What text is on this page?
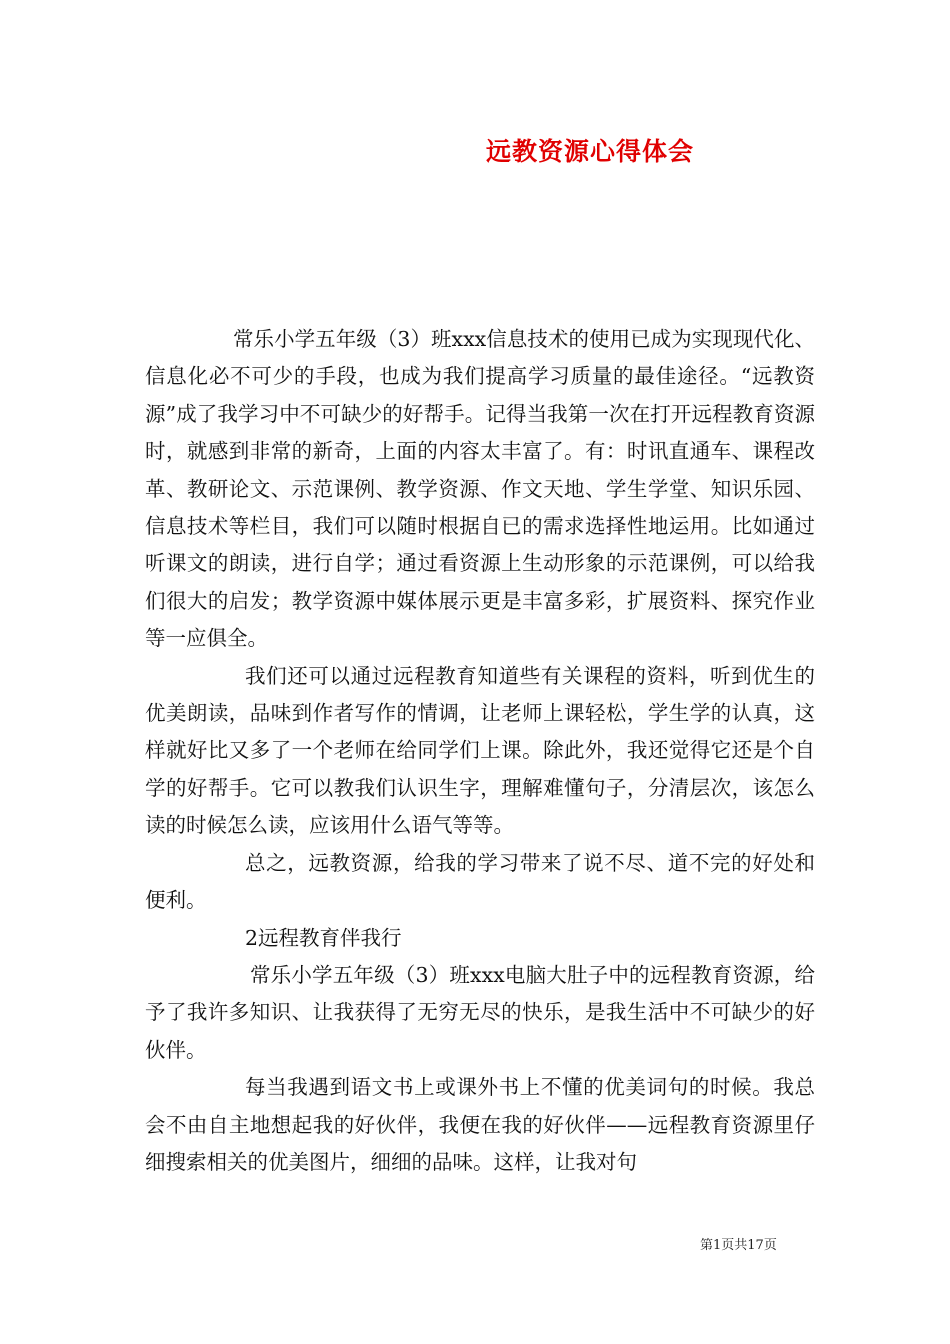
远教资源心得体会

常乐小学五年级（3）班xxx信息技术的使用已成为实现现代化、信息化必不可少的手段，也成为我们提高学习质量的最佳途径。“远教资源”成了我学习中不可缺少的好帮手。记得当我第一次在打开远程教育资源时，就感到非常的新奇，上面的内容太丰富了。有：时讯直通车、课程改革、教研论文、示范课例、教学资源、作文天地、学生学堂、知识乐园、信息技术等栏目，我们可以随时根据自已的需求选择性地运用。比如通过听课文的朗读，进行自学；通过看资源上生动形象的示范课例，可以给我们很大的启发；教学资源中媒体展示更是丰富多彩，扩展资料、探究作业等一应俱全。

我们还可以通过远程教育知道些有关课程的资料，听到优生的优美朗读，品味到作者写作的情调，让老师上课轻松，学生学的认真，这样就好比又多了一个老师在给同学们上课。除此外，我还觉得它还是个自学的好帮手。它可以教我们认识生字，理解难懂句子，分清层次，该怎么读的时候怎么读，应该用什么语气等等。

总之，远教资源，给我的学习带来了说不尽、道不完的好处和便利。

2远程教育伴我行

常乐小学五年级（3）班xxx电脑大肚子中的远程教育资源，给予了我许多知识、让我获得了无穷无尽的快乐，是我生活中不可缺少的好伙伴。

每当我遇到语文书上或课外书上不懂的优美词句的时候。我总会不由自主地想起我的好伙伴，我便在我的好伙伴——远程教育资源里仔细搜索相关的优美图片，细细的品味。这样，让我对句

第1页共17页
